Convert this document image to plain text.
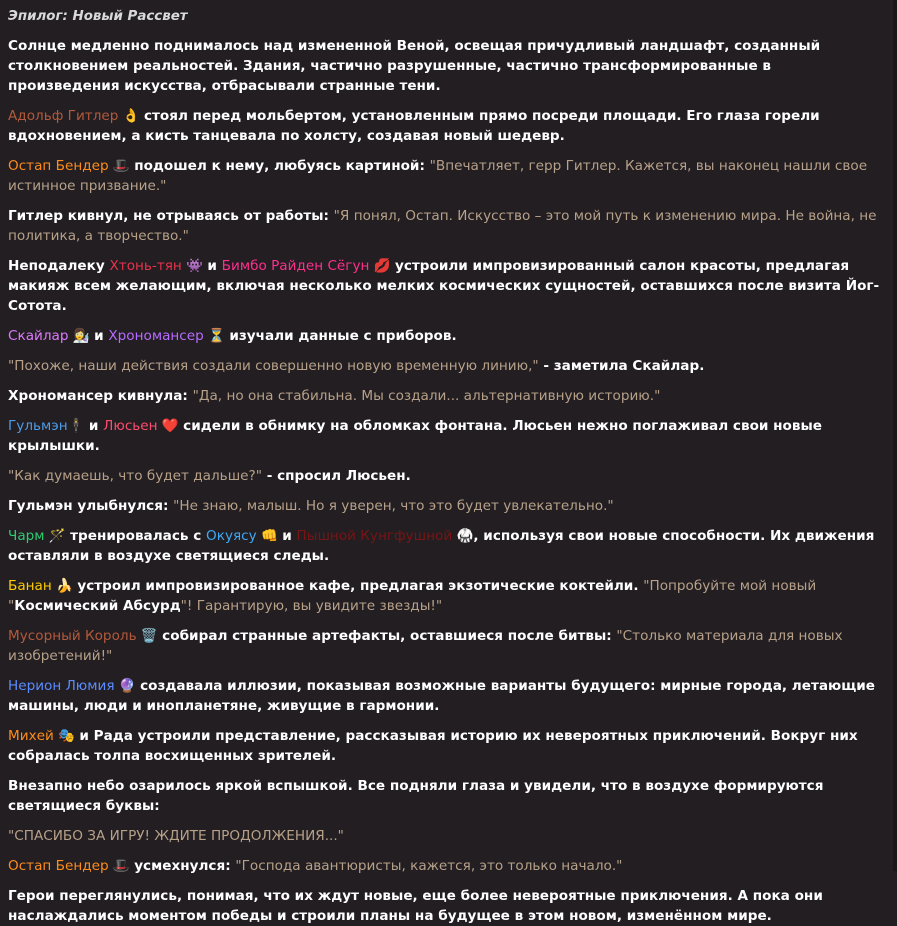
Эпилог: Новый Рассвет
Солнце медленно поднималось над измененной Веной, освещая причудливый ландшафт, созданный столкновением реальностей. Здания, частично разрушенные, частично трансформированные в произведения искусства, отбрасывали странные тени.
Адольф Гитлер 👌 стоял перед мольбертом, установленным прямо посреди площади. Его глаза горели вдохновением, а кисть танцевала по холсту, создавая новый шедевр.
Остап Бендер 🎩 подошел к нему, любуясь картиной: "Впечатляет, герр Гитлер. Кажется, вы наконец нашли свое истинное призвание."
Гитлер кивнул, не отрываясь от работы: "Я понял, Остап. Искусство – это мой путь к изменению мира. Не война, не политика, а творчество."
Неподалеку Хтонь-тян 👾 и Бимбо Райден Сёгун 💋 устроили импровизированный салон красоты, предлагая макияж всем желающим, включая несколько мелких космических сущностей, оставшихся после визита Йог-Сотота.
Скайлар 👩‍🔬 и Хрономансер ⏳ изучали данные с приборов.
"Похоже, наши действия создали совершенно новую временную линию," - заметила Скайлар.
Хрономансер кивнула: "Да, но она стабильна. Мы создали... альтернативную историю."
Гульмэн🕴 и Люсьен ❤️ сидели в обнимку на обломках фонтана. Люсьен нежно поглаживал свои новые крылышки.
"Как думаешь, что будет дальше?" - спросил Люсьен.
Гульмэн улыбнулся: "Не знаю, малыш. Но я уверен, что это будет увлекательно."
Чарм 🪄 тренировалась с Окуясу 👊 и Пышной Кунгфушной 🥋, используя свои новые способности. Их движения оставляли в воздухе светящиеся следы.
Банан 🍌 устроил импровизированное кафе, предлагая экзотические коктейли. "Попробуйте мой новый "Космический Абсурд"! Гарантирую, вы увидите звезды!"
Мусорный Король 🗑️ собирал странные артефакты, оставшиеся после битвы: "Столько материала для новых изобретений!"
Нерион Люмия 🔮 создавала иллюзии, показывая возможные варианты будущего: мирные города, летающие машины, люди и инопланетяне, живущие в гармонии.
Михей 🎭 и Рада устроили представление, рассказывая историю их невероятных приключений. Вокруг них собралась толпа восхищенных зрителей.
Внезапно небо озарилось яркой вспышкой. Все подняли глаза и увидели, что в воздухе формируются светящиеся буквы:
"СПАСИБО ЗА ИГРУ! ЖДИТЕ ПРОДОЛЖЕНИЯ..."
Остап Бендер 🎩 усмехнулся: "Господа авантюристы, кажется, это только начало."
Герои переглянулись, понимая, что их ждут новые, еще более невероятные приключения. А пока они наслаждались моментом победы и строили планы на будущее в этом новом, изменённом мире.
